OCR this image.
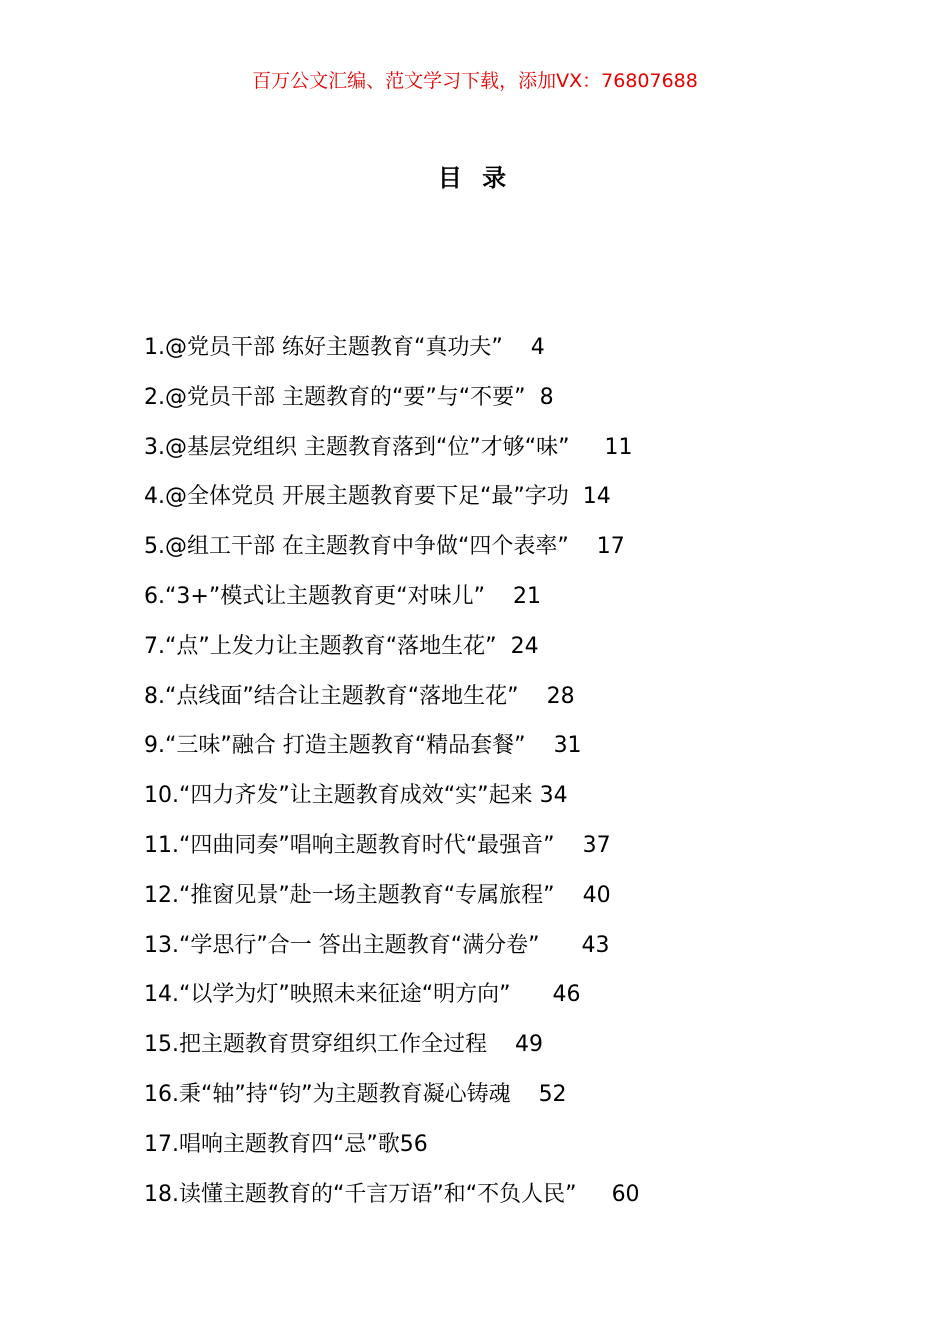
百万公文汇编、范文学习下载，添加VX：76807688
目 录
1.@党员干部 练好主题教育“真功夫” 4
2.@党员干部 主题教育的“要”与“不要” 8
3.@基层党组织 主题教育落到“位”才够“味” 11
4.@全体党员 开展主题教育要下足“最”字功 14
5.@组工干部 在主题教育中争做“四个表率” 17
6.“3+”模式让主题教育更“对味儿” 21
7.“点”上发力让主题教育“落地生花” 24
8.“点线面”结合让主题教育“落地生花” 28
9.“三味”融合 打造主题教育“精品套餐” 31
10.“四力齐发”让主题教育成效“实”起来 34
11.“四曲同奏”唱响主题教育时代“最强音” 37
12.“推窗见景”赴一场主题教育“专属旅程” 40
13.“学思行”合一 答出主题教育“满分卷” 43
14.“以学为灯”映照未来征途“明方向” 46
15.把主题教育贯穿组织工作全过程 49
16.秉“轴”持“钧”为主题教育凝心铸魂 52
17.唱响主题教育四“忌”歌56
18.读懂主题教育的“千言万语”和“不负人民” 60
